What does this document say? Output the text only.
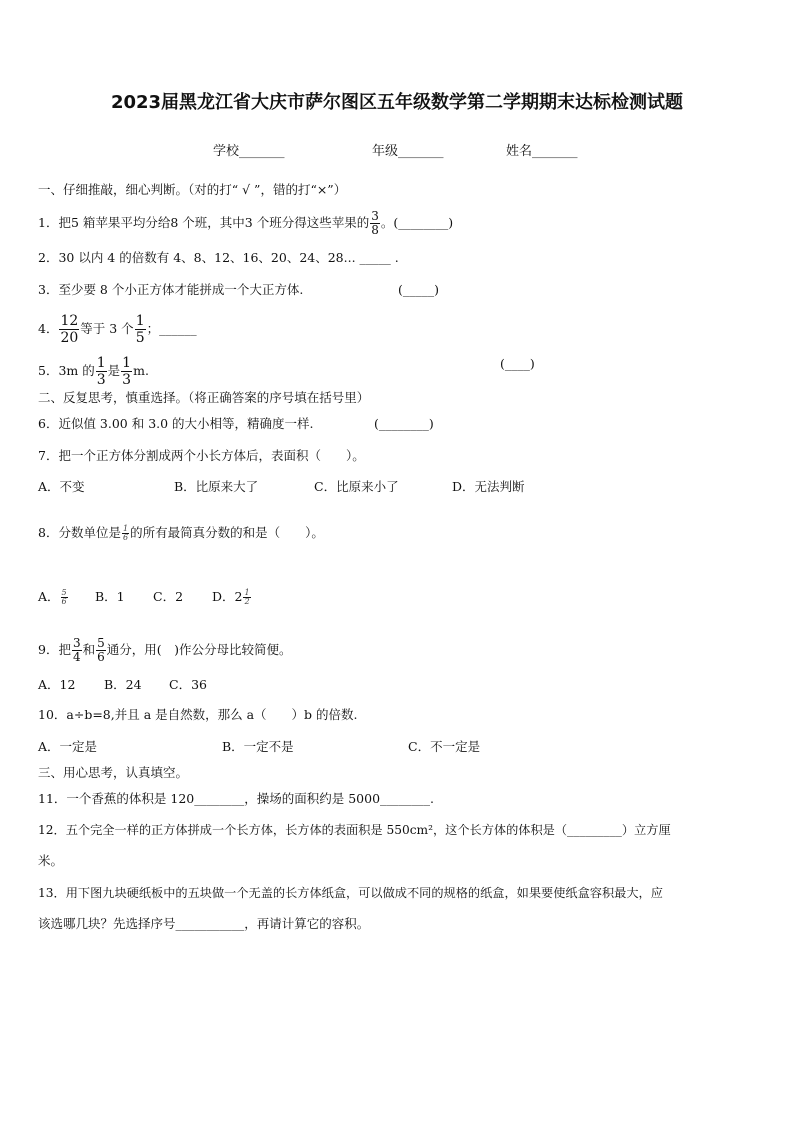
2023届黑龙江省大庆市萨尔图区五年级数学第二学期期末达标检测试题
学校_______	年级_______	姓名_______
一、仔细推敲，细心判断。（对的打“ √ ”，错的打“×”）
1．把5 箱苹果平均分给8 个班，其中3 个班分得这些苹果的 $\frac{3}{8}$ 。(________)
2．30 以内 4 的倍数有 4、8、12、16、20、24、28... _____ .
3．至少要 8 个小正方体才能拼成一个大正方体.	(_____)
4． $\frac{12}{20}$ 等于 3 个 $\frac{1}{5}$ ；______
5．3m 的 $\frac{1}{3}$ 是 $\frac{1}{3} m$.	(____)
二、反复思考，慎重选择。（将正确答案的序号填在括号里）
6．近似值 3.00 和 3.0 的大小相等，精确度一样.	(________)
7．把一个正方体分割成两个小长方体后，表面积（　　）。
A．不变	B．比原来大了	C．比原来小了	D．无法判断
8．分数单位是 $\frac{1}{6}$ 的所有最简真分数的和是（　　）。
A． $\frac{5}{6}$ B．1 C．2 D．$2 \frac{1}{2}$
9．把 $\frac{3}{4}$ 和 $\frac{5}{6}$ 通分，用(　)作公分母比较简便。
A．12 B．24 C．36
10．a÷b=8,并且 a 是自然数，那么 a（　　）b 的倍数.
A．一定是	B．一定不是	C．不一定是
三、用心思考，认真填空。
11．一个香蕉的体积是 120________，操场的面积约是 5000________.
12．五个完全一样的正方体拼成一个长方体，长方体的表面积是 550cm²，这个长方体的体积是（_________）立方厘
米。
13．用下图九块硬纸板中的五块做一个无盖的长方体纸盒，可以做成不同的规格的纸盒，如果要使纸盒容积最大，应
该选哪几块？先选择序号___________，再请计算它的容积。
